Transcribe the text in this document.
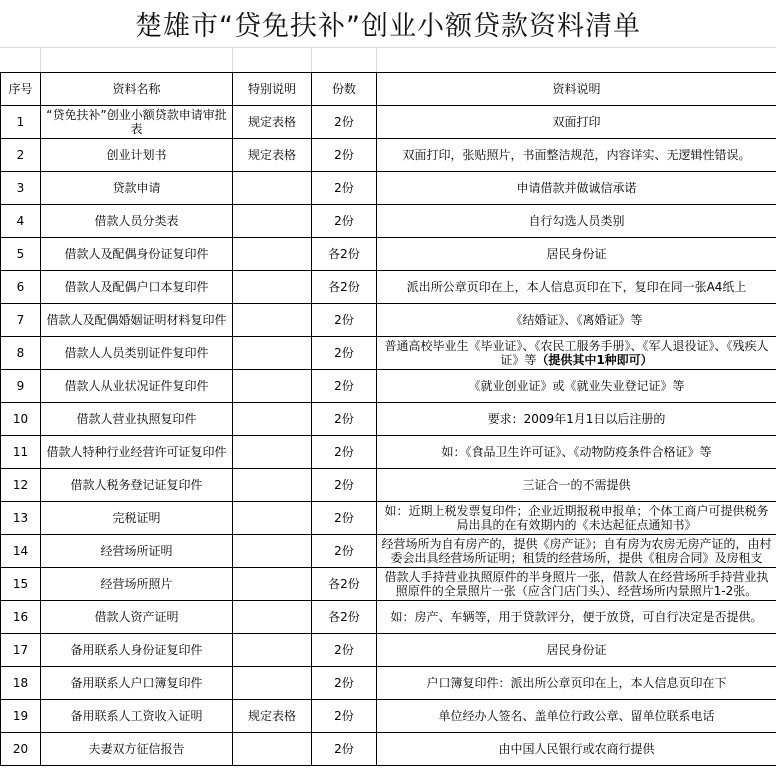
楚雄市“贷免扶补”创业小额贷款资料清单
序号	资料名称	特别说明	份数	资料说明
1	“贷免扶补”创业小额贷款申请审批表	规定表格	2份	双面打印
2	创业计划书	规定表格	2份	双面打印，张贴照片，书面整洁规范，内容详实、无逻辑性错误。
3	贷款申请		2份	申请借款并做诚信承诺
4	借款人员分类表		2份	自行勾选人员类别
5	借款人及配偶身份证复印件		各2份	居民身份证
6	借款人及配偶户口本复印件		各2份	派出所公章页印在上，本人信息页印在下，复印在同一张A4纸上
7	借款人及配偶婚姻证明材料复印件		2份	《结婚证》、《离婚证》等
8	借款人人员类别证件复印件		2份	普通高校毕业生《毕业证》、《农民工服务手册》、《军人退役证》、《残疾人证》等（提供其中1种即可）
9	借款人从业状况证件复印件		2份	《就业创业证》或《就业失业登记证》等
10	借款人营业执照复印件		2份	要求：2009年1月1日以后注册的
11	借款人特种行业经营许可证复印件		2份	如：《食品卫生许可证》、《动物防疫条件合格证》等
12	借款人税务登记证复印件		2份	三证合一的不需提供
13	完税证明		2份	如：近期上税发票复印件；企业近期报税申报单；个体工商户可提供税务局出具的在有效期内的《未达起征点通知书》
14	经营场所证明		2份	经营场所为自有房产的，提供《房产证》；自有房为农房无房产证的，由村委会出具经营场所证明；租赁的经营场所，提供《租房合同》及房租支
15	经营场所照片		各2份	借款人手持营业执照原件的半身照片一张，借款人在经营场所手持营业执照原件的全景照片一张（应含门店门头）、经营场所内景照片1-2张。
16	借款人资产证明		各2份	如：房产、车辆等，用于贷款评分，便于放贷，可自行决定是否提供。
17	备用联系人身份证复印件		2份	居民身份证
18	备用联系人户口簿复印件		2份	户口簿复印件：派出所公章页印在上，本人信息页印在下
19	备用联系人工资收入证明	规定表格	2份	单位经办人签名、盖单位行政公章、留单位联系电话
20	夫妻双方征信报告		2份	由中国人民银行或农商行提供
